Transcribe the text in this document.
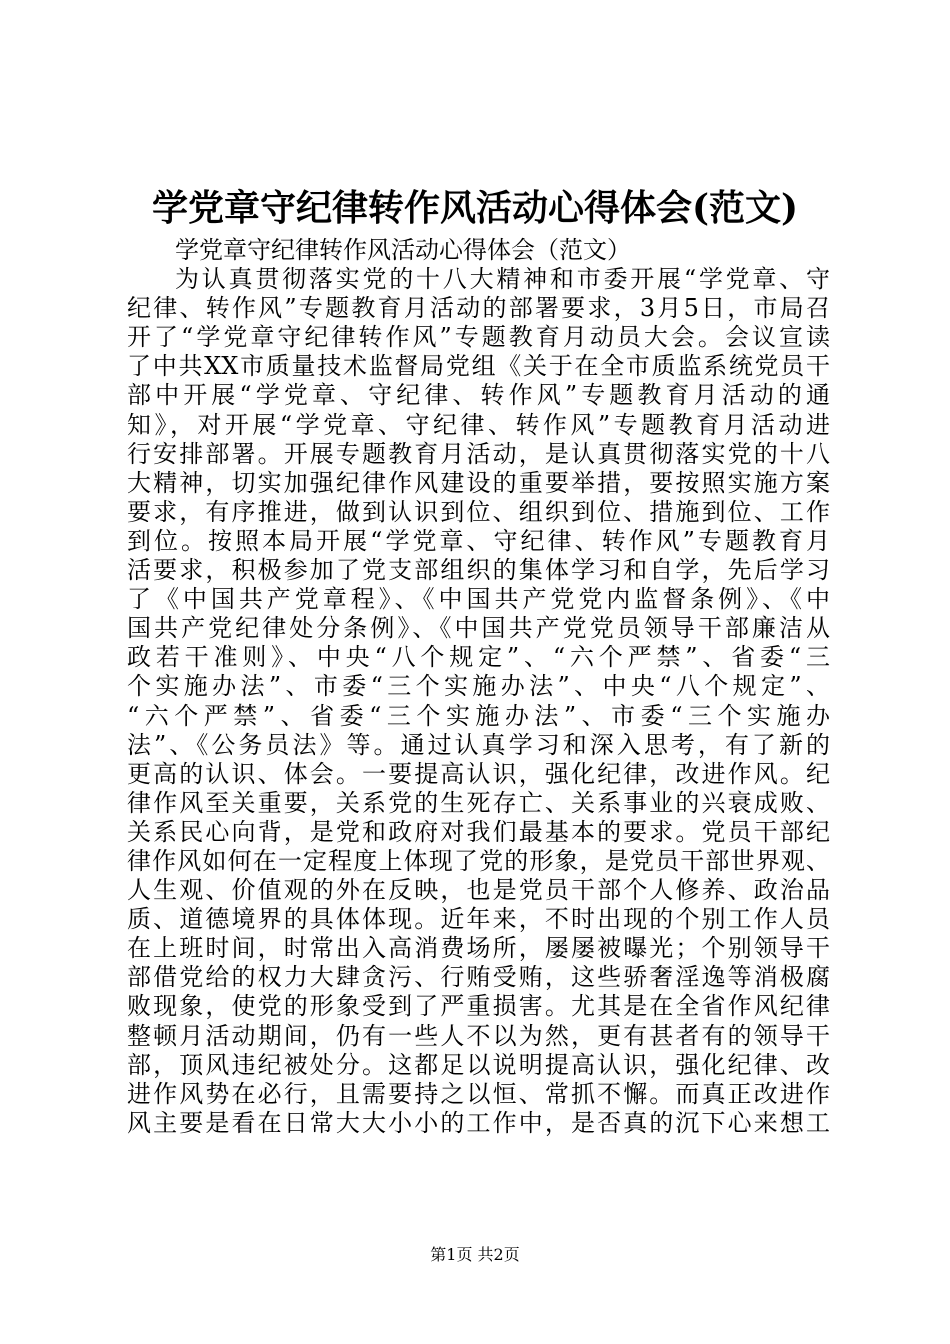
学党章守纪律转作风活动心得体会(范文)
学党章守纪律转作风活动心得体会（范文）
为认真贯彻落实党的十八大精神和市委开展“学党章、守
纪律、转作风”专题教育月活动的部署要求，3月5日，市局召
开了“学党章守纪律转作风”专题教育月动员大会。会议宣读
了中共XX市质量技术监督局党组《关于在全市质监系统党员干
部中开展“学党章、守纪律、转作风”专题教育月活动的通
知》，对开展“学党章、守纪律、转作风”专题教育月活动进
行安排部署。开展专题教育月活动，是认真贯彻落实党的十八
大精神，切实加强纪律作风建设的重要举措，要按照实施方案
要求，有序推进，做到认识到位、组织到位、措施到位、工作
到位。按照本局开展“学党章、守纪律、转作风”专题教育月
活要求，积极参加了党支部组织的集体学习和自学，先后学习
了《中国共产党章程》、《中国共产党党内监督条例》、《中
国共产党纪律处分条例》、《中国共产党党员领导干部廉洁从
政若干准则》、中央“八个规定”、“六个严禁”、省委“三
个实施办法”、市委“三个实施办法”、中央“八个规定”、
“六个严禁”、省委“三个实施办法”、市委“三个实施办
法”、《公务员法》等。通过认真学习和深入思考，有了新的
更高的认识、体会。一要提高认识，强化纪律，改进作风。纪
律作风至关重要，关系党的生死存亡、关系事业的兴衰成败、
关系民心向背，是党和政府对我们最基本的要求。党员干部纪
律作风如何在一定程度上体现了党的形象，是党员干部世界观、
人生观、价值观的外在反映，也是党员干部个人修养、政治品
质、道德境界的具体体现。近年来，不时出现的个别工作人员
在上班时间，时常出入高消费场所，屡屡被曝光；个别领导干
部借党给的权力大肆贪污、行贿受贿，这些骄奢淫逸等消极腐
败现象，使党的形象受到了严重损害。尤其是在全省作风纪律
整顿月活动期间，仍有一些人不以为然，更有甚者有的领导干
部，顶风违纪被处分。这都足以说明提高认识，强化纪律、改
进作风势在必行，且需要持之以恒、常抓不懈。而真正改进作
风主要是看在日常大大小小的工作中，是否真的沉下心来想工
第1页 共2页
